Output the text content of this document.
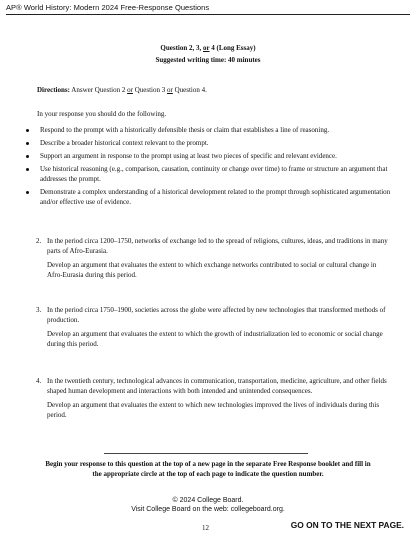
AP® World History: Modern 2024 Free-Response Questions
Question 2, 3, or 4 (Long Essay)
Suggested writing time: 40 minutes
Directions: Answer Question 2 or Question 3 or Question 4.
In your response you should do the following.
Respond to the prompt with a historically defensible thesis or claim that establishes a line of reasoning.
Describe a broader historical context relevant to the prompt.
Support an argument in response to the prompt using at least two pieces of specific and relevant evidence.
Use historical reasoning (e.g., comparison, causation, continuity or change over time) to frame or structure an argument that addresses the prompt.
Demonstrate a complex understanding of a historical development related to the prompt through sophisticated argumentation and/or effective use of evidence.
2. In the period circa 1200–1750, networks of exchange led to the spread of religions, cultures, ideas, and traditions in many parts of Afro-Eurasia.
Develop an argument that evaluates the extent to which exchange networks contributed to social or cultural change in Afro-Eurasia during this period.
3. In the period circa 1750–1900, societies across the globe were affected by new technologies that transformed methods of production.
Develop an argument that evaluates the extent to which the growth of industrialization led to economic or social change during this period.
4. In the twentieth century, technological advances in communication, transportation, medicine, agriculture, and other fields shaped human development and interactions with both intended and unintended consequences.
Develop an argument that evaluates the extent to which new technologies improved the lives of individuals during this period.
Begin your response to this question at the top of a new page in the separate Free Response booklet and fill in the appropriate circle at the top of each page to indicate the question number.
© 2024 College Board.
Visit College Board on the web: collegeboard.org.
12	GO ON TO THE NEXT PAGE.
